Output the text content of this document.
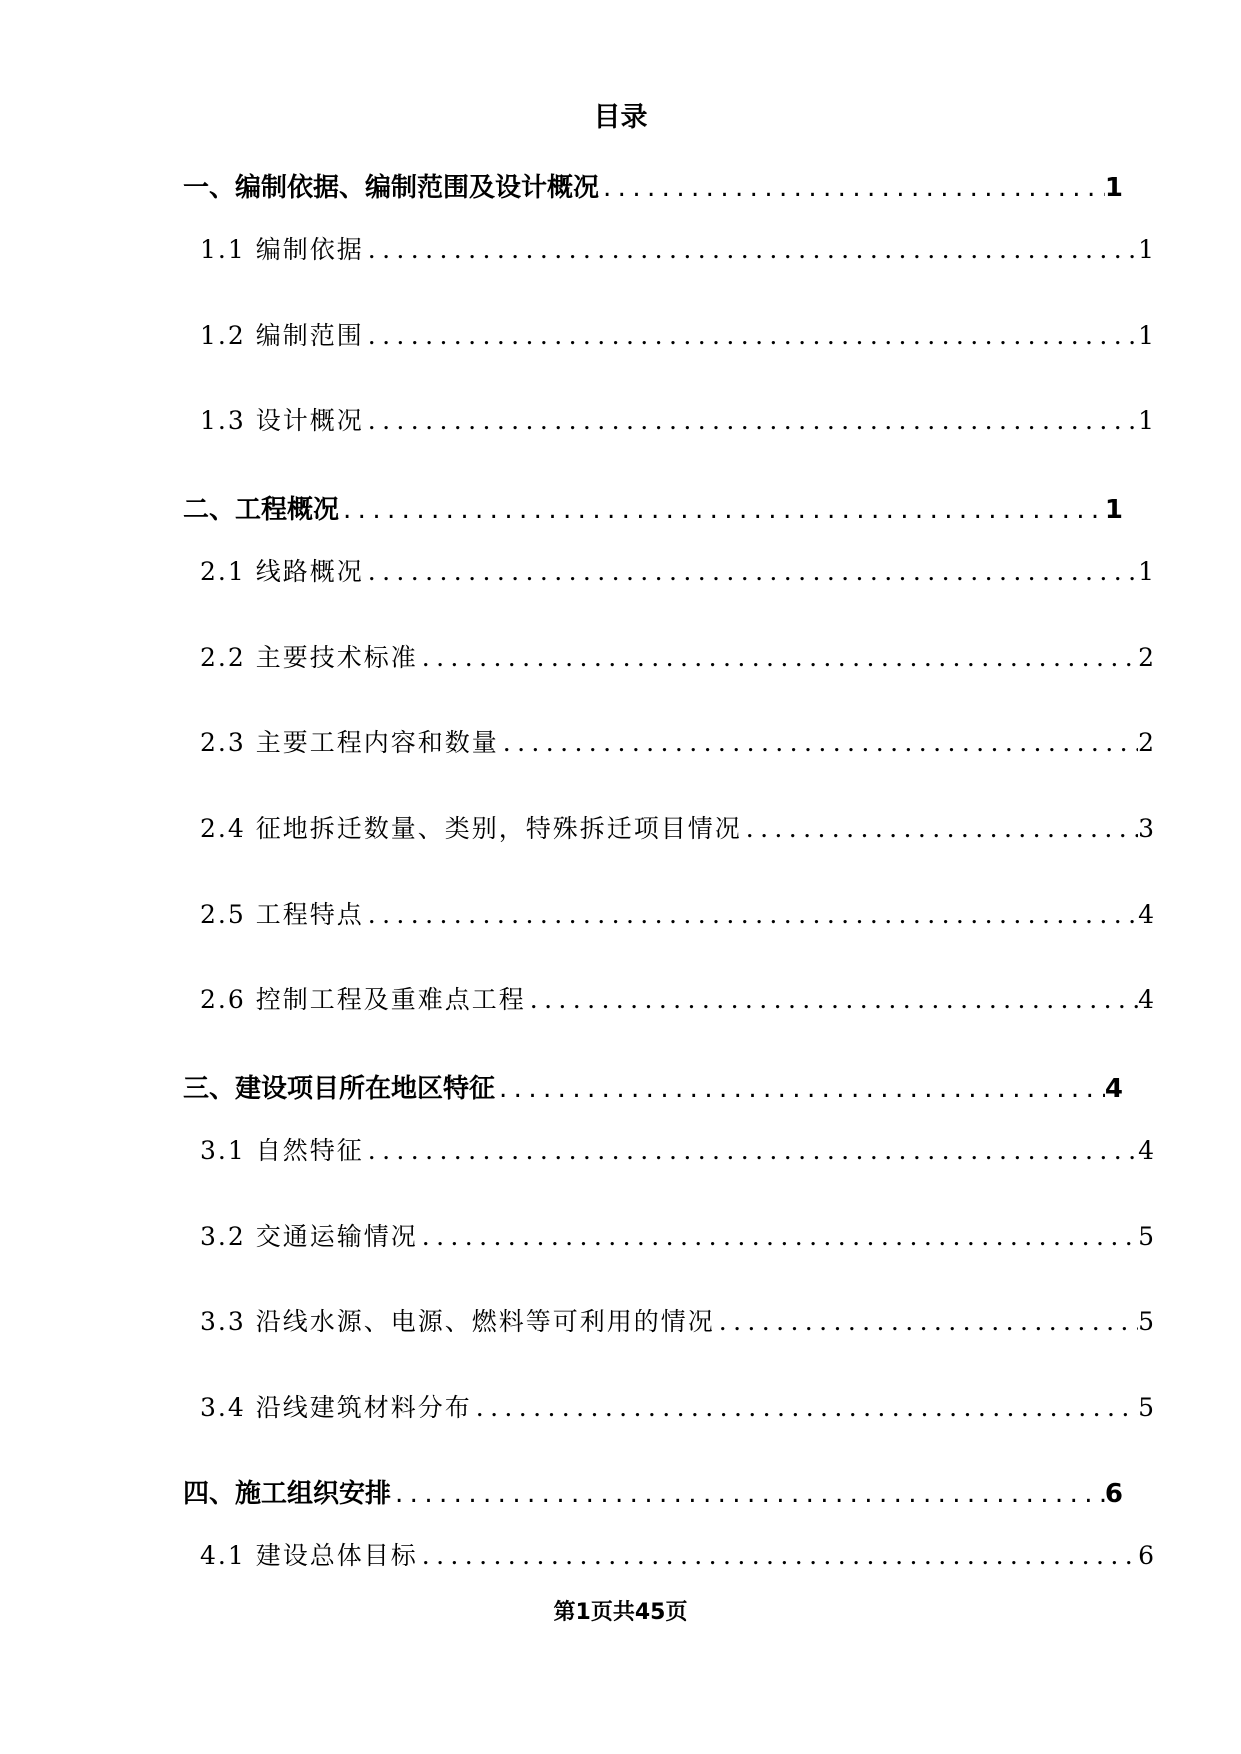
目录
一、编制依据、编制范围及设计概况 .....	1
1.1 编制依据 .....	1
1.2 编制范围 .....	1
1.3 设计概况 .....	1
二、工程概况 .....	1
2.1 线路概况 .....	1
2.2 主要技术标准 .....	2
2.3 主要工程内容和数量 .....	2
2.4 征地拆迁数量、类别，特殊拆迁项目情况 .....	3
2.5 工程特点 .....	4
2.6 控制工程及重难点工程 .....	4
三、建设项目所在地区特征 .....	4
3.1 自然特征 .....	4
3.2 交通运输情况 .....	5
3.3 沿线水源、电源、燃料等可利用的情况 .....	5
3.4 沿线建筑材料分布 .....	5
四、施工组织安排 .....	6
4.1 建设总体目标 .....	6
第1页共45页
